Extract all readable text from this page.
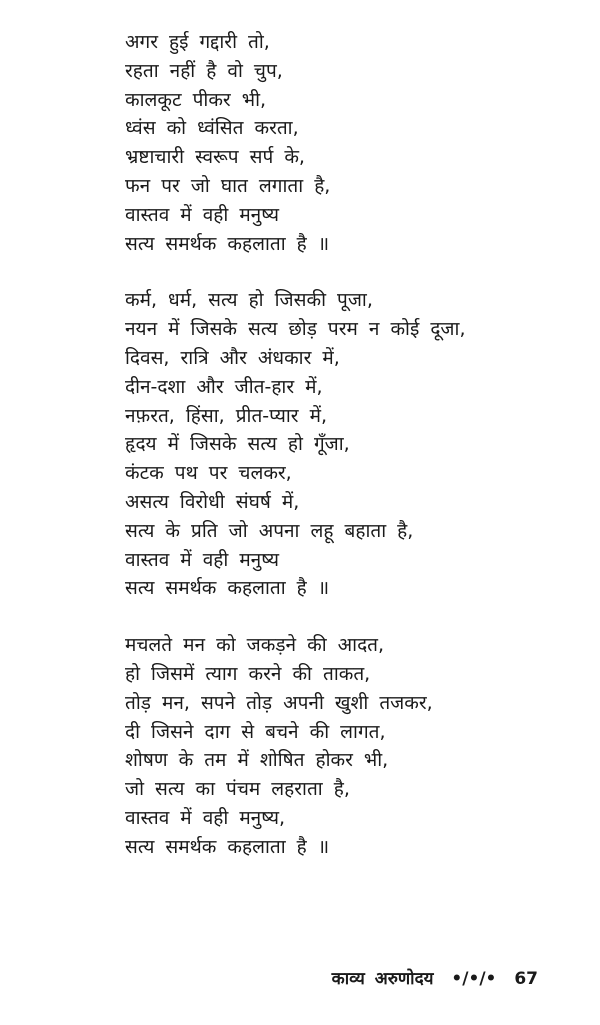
अगर हुई गद्दारी तो,
रहता नहीं है वो चुप,
कालकूट पीकर भी,
ध्वंस को ध्वंसित करता,
भ्रष्टाचारी स्वरूप सर्प के,
फन पर जो घात लगाता है,
वास्तव में वही मनुष्य
सत्य समर्थक कहलाता है ॥
कर्म, धर्म, सत्य हो जिसकी पूजा,
नयन में जिसके सत्य छोड़ परम न कोई दूजा,
दिवस, रात्रि और अंधकार में,
दीन-दशा और जीत-हार में,
नफ़रत, हिंसा, प्रीत-प्यार में,
हृदय में जिसके सत्य हो गूँजा,
कंटक पथ पर चलकर,
असत्य विरोधी संघर्ष में,
सत्य के प्रति जो अपना लहू बहाता है,
वास्तव में वही मनुष्य
सत्य समर्थक कहलाता है ॥
मचलते मन को जकड़ने की आदत,
हो जिसमें त्याग करने की ताकत,
तोड़ मन, सपने तोड़ अपनी खुशी तजकर,
दी जिसने दाग से बचने की लागत,
शोषण के तम में शोषित होकर भी,
जो सत्य का पंचम लहराता है,
वास्तव में वही मनुष्य,
सत्य समर्थक कहलाता है ॥
काव्य अरुणोदय •/•/• 67
